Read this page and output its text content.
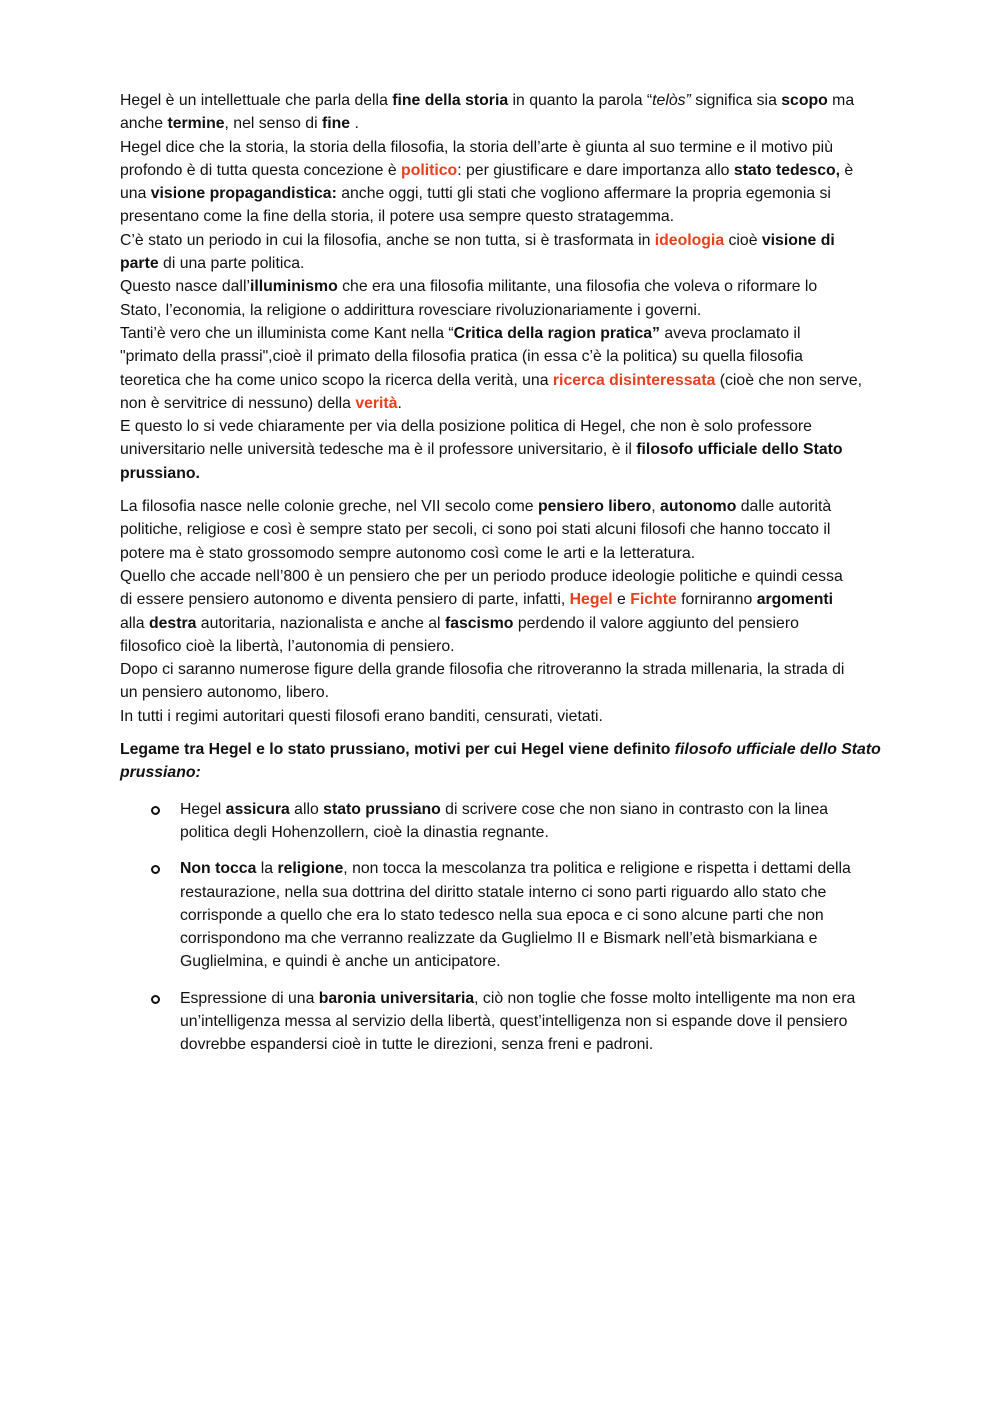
Hegel è un intellettuale che parla della fine della storia in quanto la parola “telòs” significa sia scopo ma
anche termine, nel senso di fine .
Hegel dice che la storia, la storia della filosofia, la storia dell’arte è giunta al suo termine e il motivo più
profondo è di tutta questa concezione è politico: per giustificare e dare importanza allo stato tedesco, è
una visione propagandistica: anche oggi, tutti gli stati che vogliono affermare la propria egemonia si
presentano come la fine della storia, il potere usa sempre questo stratagemma.
C’è stato un periodo in cui la filosofia, anche se non tutta, si è trasformata in ideologia cioè visione di
parte di una parte politica.
Questo nasce dall’illuminismo che era una filosofia militante, una filosofia che voleva o riformare lo
Stato, l’economia, la religione o addirittura rovesciare rivoluzionariamente i governi.
Tanti’è vero che un illuminista come Kant nella “Critica della ragion pratica” aveva proclamato il
"primato della prassi",cioè il primato della filosofia pratica (in essa c’è la politica) su quella filosofia
teoretica che ha come unico scopo la ricerca della verità, una ricerca disinteressata (cioè che non serve,
non è servitrice di nessuno) della verità.
E questo lo si vede chiaramente per via della posizione politica di Hegel, che non è solo professore
universitario nelle università tedesche ma è il professore universitario, è il filosofo ufficiale dello Stato
prussiano.

La filosofia nasce nelle colonie greche, nel VII secolo come pensiero libero, autonomo dalle autorità
politiche, religiose e così è sempre stato per secoli, ci sono poi stati alcuni filosofi che hanno toccato il
potere ma è stato grossomodo sempre autonomo così come le arti e la letteratura.
Quello che accade nell’800 è un pensiero che per un periodo produce ideologie politiche e quindi cessa
di essere pensiero autonomo e diventa pensiero di parte, infatti, Hegel e Fichte forniranno argomenti
alla destra autoritaria, nazionalista e anche al fascismo perdendo il valore aggiunto del pensiero
filosofico cioè la libertà, l’autonomia di pensiero.
Dopo ci saranno numerose figure della grande filosofia che ritroveranno la strada millenaria, la strada di
un pensiero autonomo, libero.
In tutti i regimi autoritari questi filosofi erano banditi, censurati, vietati.

Legame tra Hegel e lo stato prussiano, motivi per cui Hegel viene definito filosofo ufficiale dello Stato
prussiano:

Hegel assicura allo stato prussiano di scrivere cose che non siano in contrasto con la linea
politica degli Hohenzollern, cioè la dinastia regnante.
Non tocca la religione, non tocca la mescolanza tra politica e religione e rispetta i dettami della
restaurazione, nella sua dottrina del diritto statale interno ci sono parti riguardo allo stato che
corrisponde a quello che era lo stato tedesco nella sua epoca e ci sono alcune parti che non
corrispondono ma che verranno realizzate da Guglielmo II e Bismark nell’età bismarkiana e
Guglielmina, e quindi è anche un anticipatore.
Espressione di una baronia universitaria, ciò non toglie che fosse molto intelligente ma non era
un’intelligenza messa al servizio della libertà, quest’intelligenza non si espande dove il pensiero
dovrebbe espandersi cioè in tutte le direzioni, senza freni e padroni.
